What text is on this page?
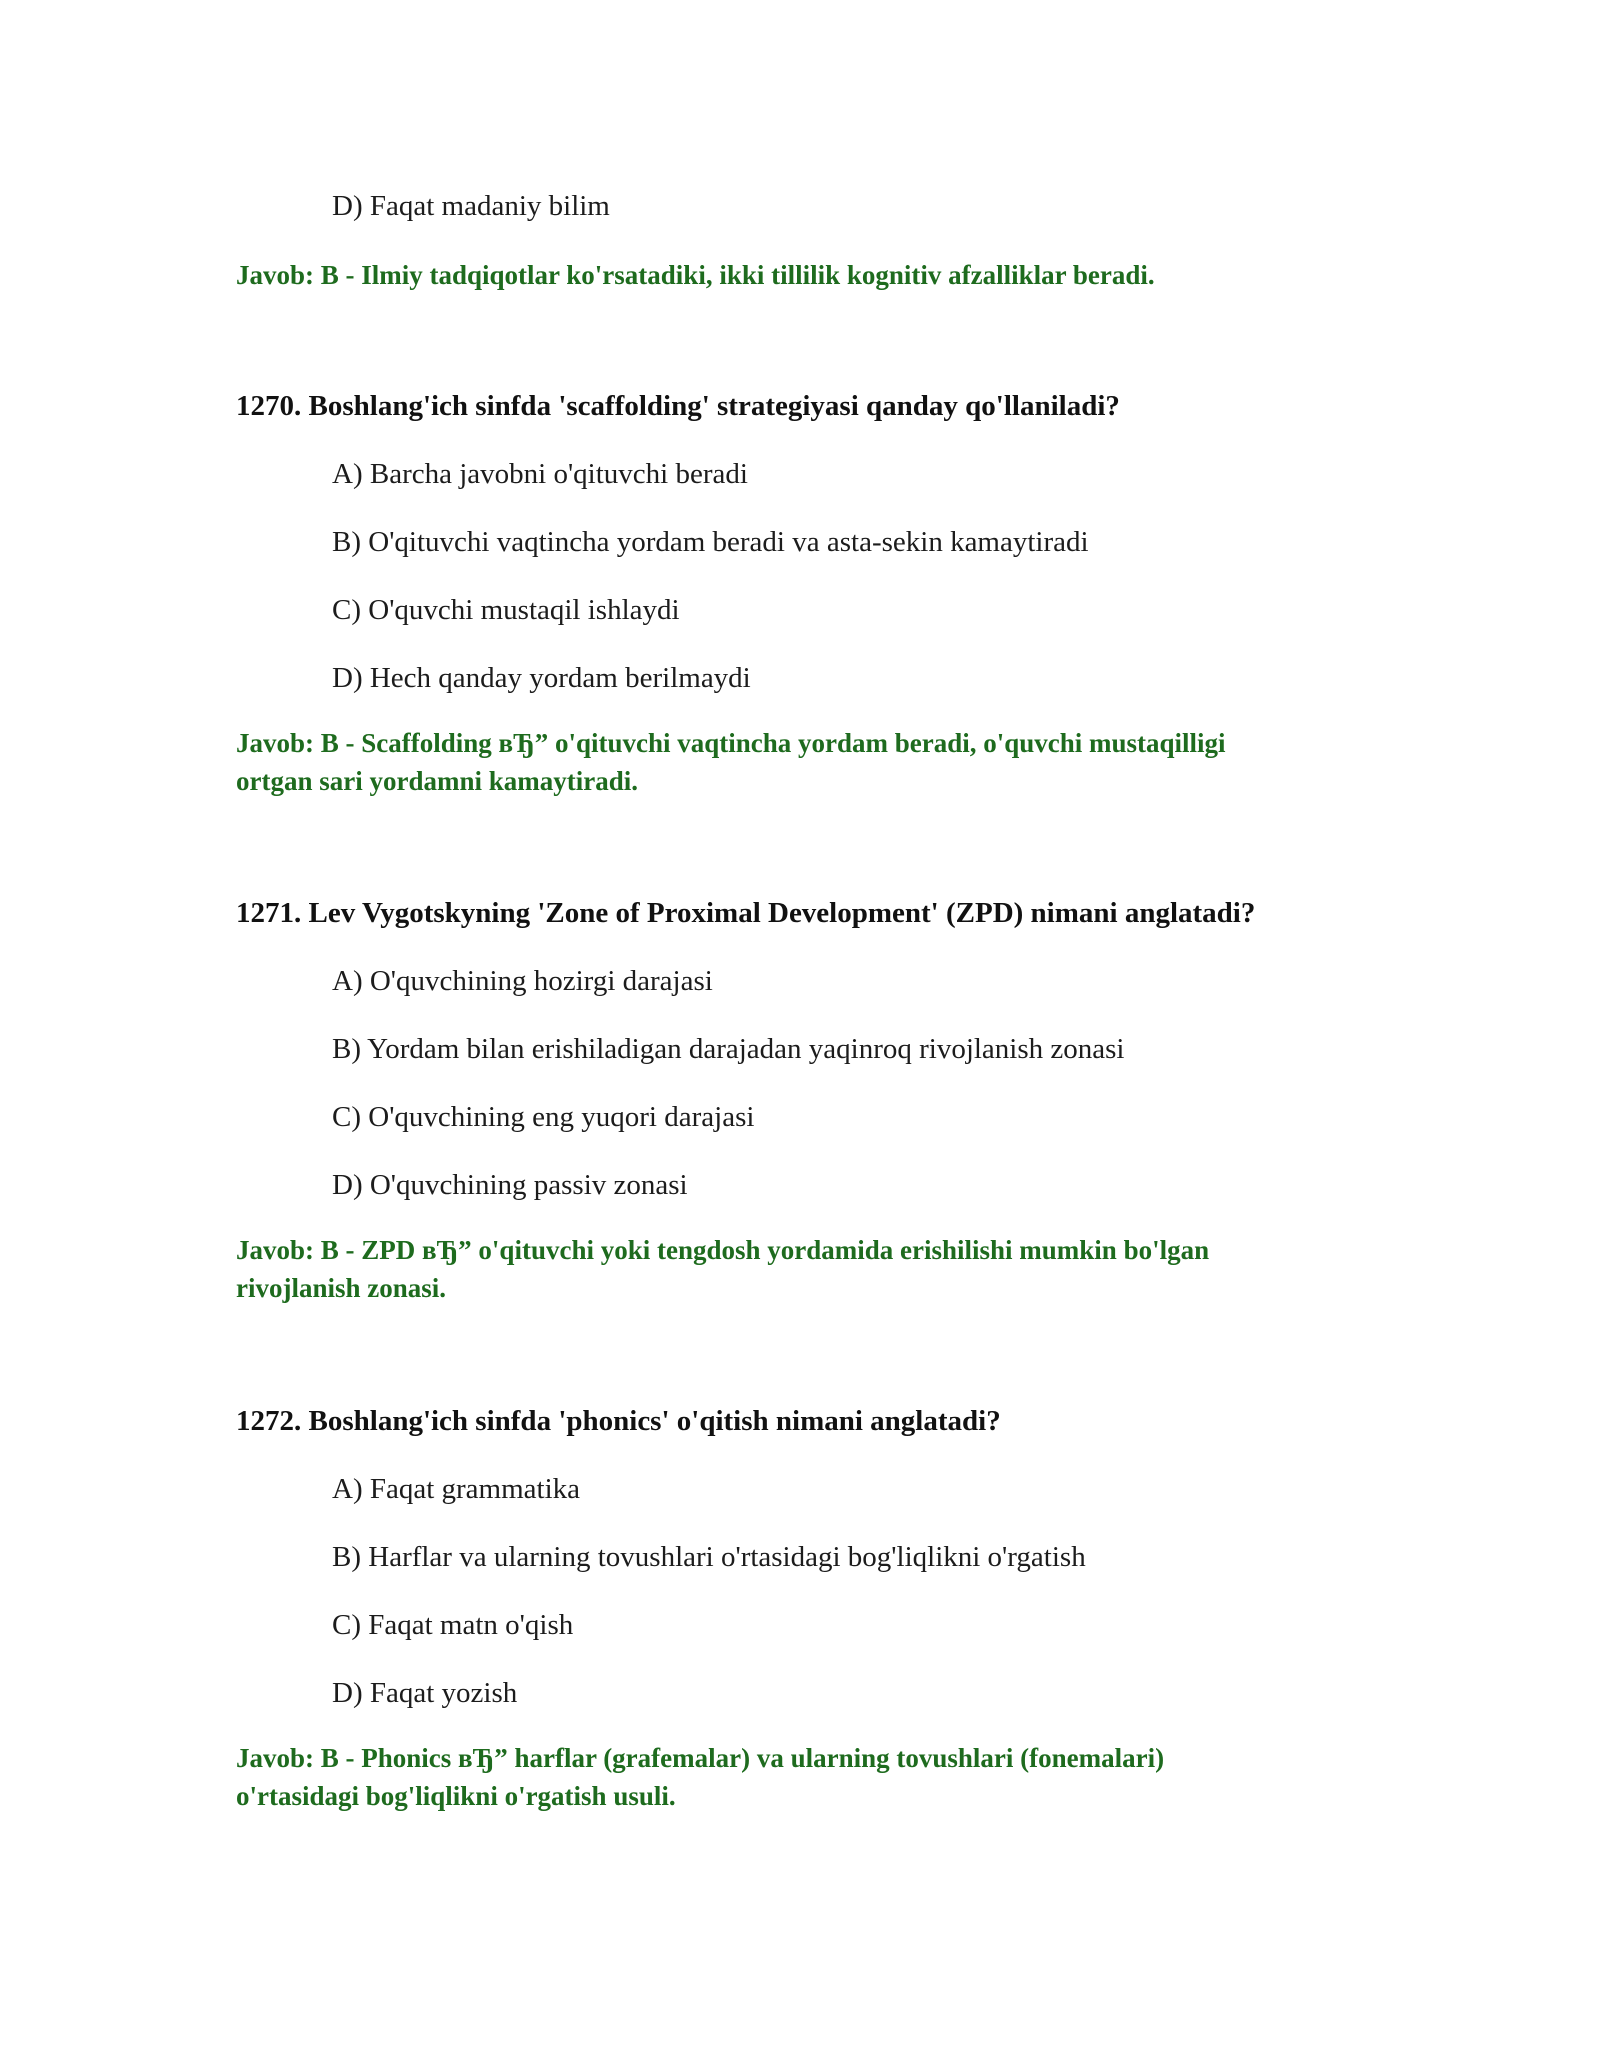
D) Faqat madaniy bilim
Javob: B - Ilmiy tadqiqotlar ko'rsatadiki, ikki tillilik kognitiv afzalliklar beradi.
1270. Boshlang'ich sinfda 'scaffolding' strategiyasi qanday qo'llaniladi?
A) Barcha javobni o'qituvchi beradi
B) O'qituvchi vaqtincha yordam beradi va asta-sekin kamaytiradi
C) O'quvchi mustaqil ishlaydi
D) Hech qanday yordam berilmaydi
Javob: B - Scaffolding вЂ” o'qituvchi vaqtincha yordam beradi, o'quvchi mustaqilligi
ortgan sari yordamni kamaytiradi.
1271. Lev Vygotskyning 'Zone of Proximal Development' (ZPD) nimani anglatadi?
A) O'quvchining hozirgi darajasi
B) Yordam bilan erishiladigan darajadan yaqinroq rivojlanish zonasi
C) O'quvchining eng yuqori darajasi
D) O'quvchining passiv zonasi
Javob: B - ZPD вЂ” o'qituvchi yoki tengdosh yordamida erishilishi mumkin bo'lgan
rivojlanish zonasi.
1272. Boshlang'ich sinfda 'phonics' o'qitish nimani anglatadi?
A) Faqat grammatika
B) Harflar va ularning tovushlari o'rtasidagi bog'liqlikni o'rgatish
C) Faqat matn o'qish
D) Faqat yozish
Javob: B - Phonics вЂ” harflar (grafemalar) va ularning tovushlari (fonemalari)
o'rtasidagi bog'liqlikni o'rgatish usuli.
